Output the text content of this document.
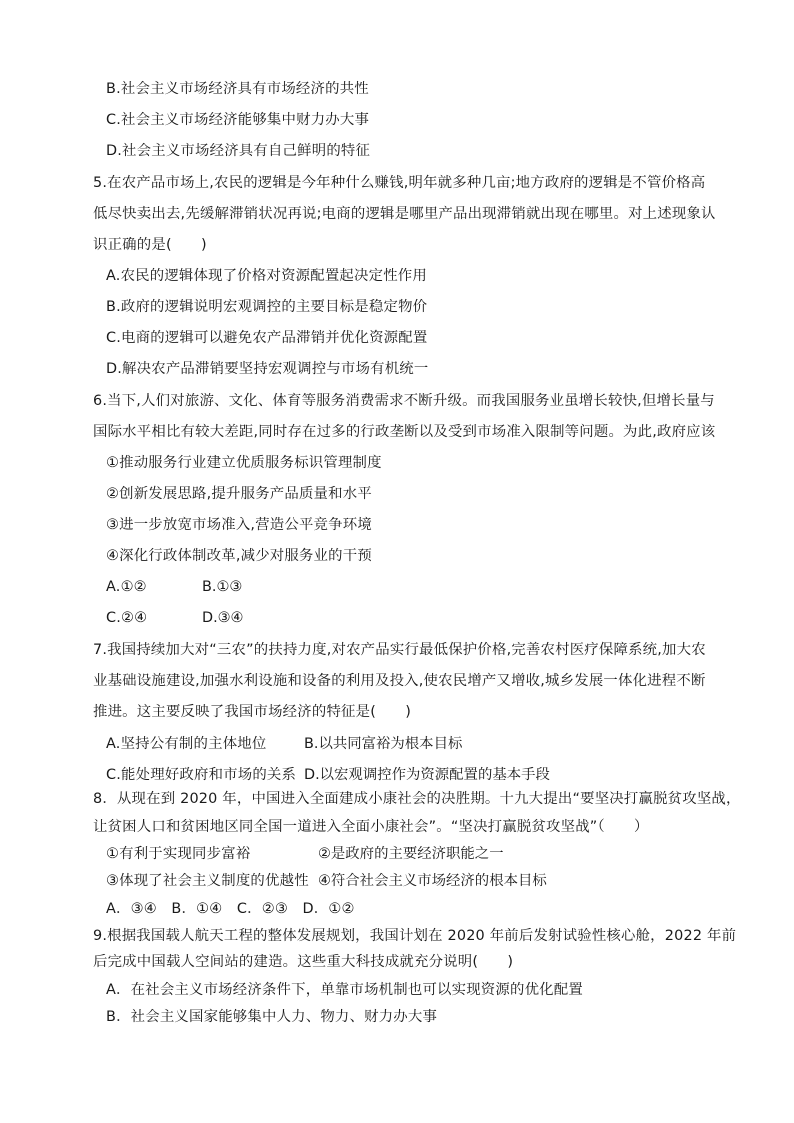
B.社会主义市场经济具有市场经济的共性
C.社会主义市场经济能够集中财力办大事
D.社会主义市场经济具有自己鲜明的特征
5.在农产品市场上,农民的逻辑是今年种什么赚钱,明年就多种几亩;地方政府的逻辑是不管价格高
低尽快卖出去,先缓解滞销状况再说;电商的逻辑是哪里产品出现滞销就出现在哪里。对上述现象认
识正确的是(　　)
A.农民的逻辑体现了价格对资源配置起决定性作用
B.政府的逻辑说明宏观调控的主要目标是稳定物价
C.电商的逻辑可以避免农产品滞销并优化资源配置
D.解决农产品滞销要坚持宏观调控与市场有机统一
6.当下,人们对旅游、文化、体育等服务消费需求不断升级。而我国服务业虽增长较快,但增长量与
国际水平相比有较大差距,同时存在过多的行政垄断以及受到市场准入限制等问题。为此,政府应该
①推动服务行业建立优质服务标识管理制度
②创新发展思路,提升服务产品质量和水平
③进一步放宽市场准入,营造公平竞争环境
④深化行政体制改革,减少对服务业的干预
A.①②	B.①③
C.②④	D.③④
7.我国持续加大对“三农”的扶持力度,对农产品实行最低保护价格,完善农村医疗保障系统,加大农
业基础设施建设,加强水利设施和设备的利用及投入,使农民增产又增收,城乡发展一体化进程不断
推进。这主要反映了我国市场经济的特征是(　　)
A.坚持公有制的主体地位	B.以共同富裕为根本目标
C.能处理好政府和市场的关系 D.以宏观调控作为资源配置的基本手段
8．从现在到 2020 年，中国进入全面建成小康社会的决胜期。十九大提出“要坚决打赢脱贫攻坚战，
让贫困人口和贫困地区同全国一道进入全面小康社会”。“坚决打赢脱贫攻坚战”（　　）
①有利于实现同步富裕	②是政府的主要经济职能之一
③体现了社会主义制度的优越性 ④符合社会主义市场经济的根本目标
A．③④　B．①④　C．②③　D．①②
9.根据我国载人航天工程的整体发展规划，我国计划在 2020 年前后发射试验性核心舱，2022 年前
后完成中国载人空间站的建造。这些重大科技成就充分说明(　　)
A．在社会主义市场经济条件下，单靠市场机制也可以实现资源的优化配置
B．社会主义国家能够集中人力、物力、财力办大事
